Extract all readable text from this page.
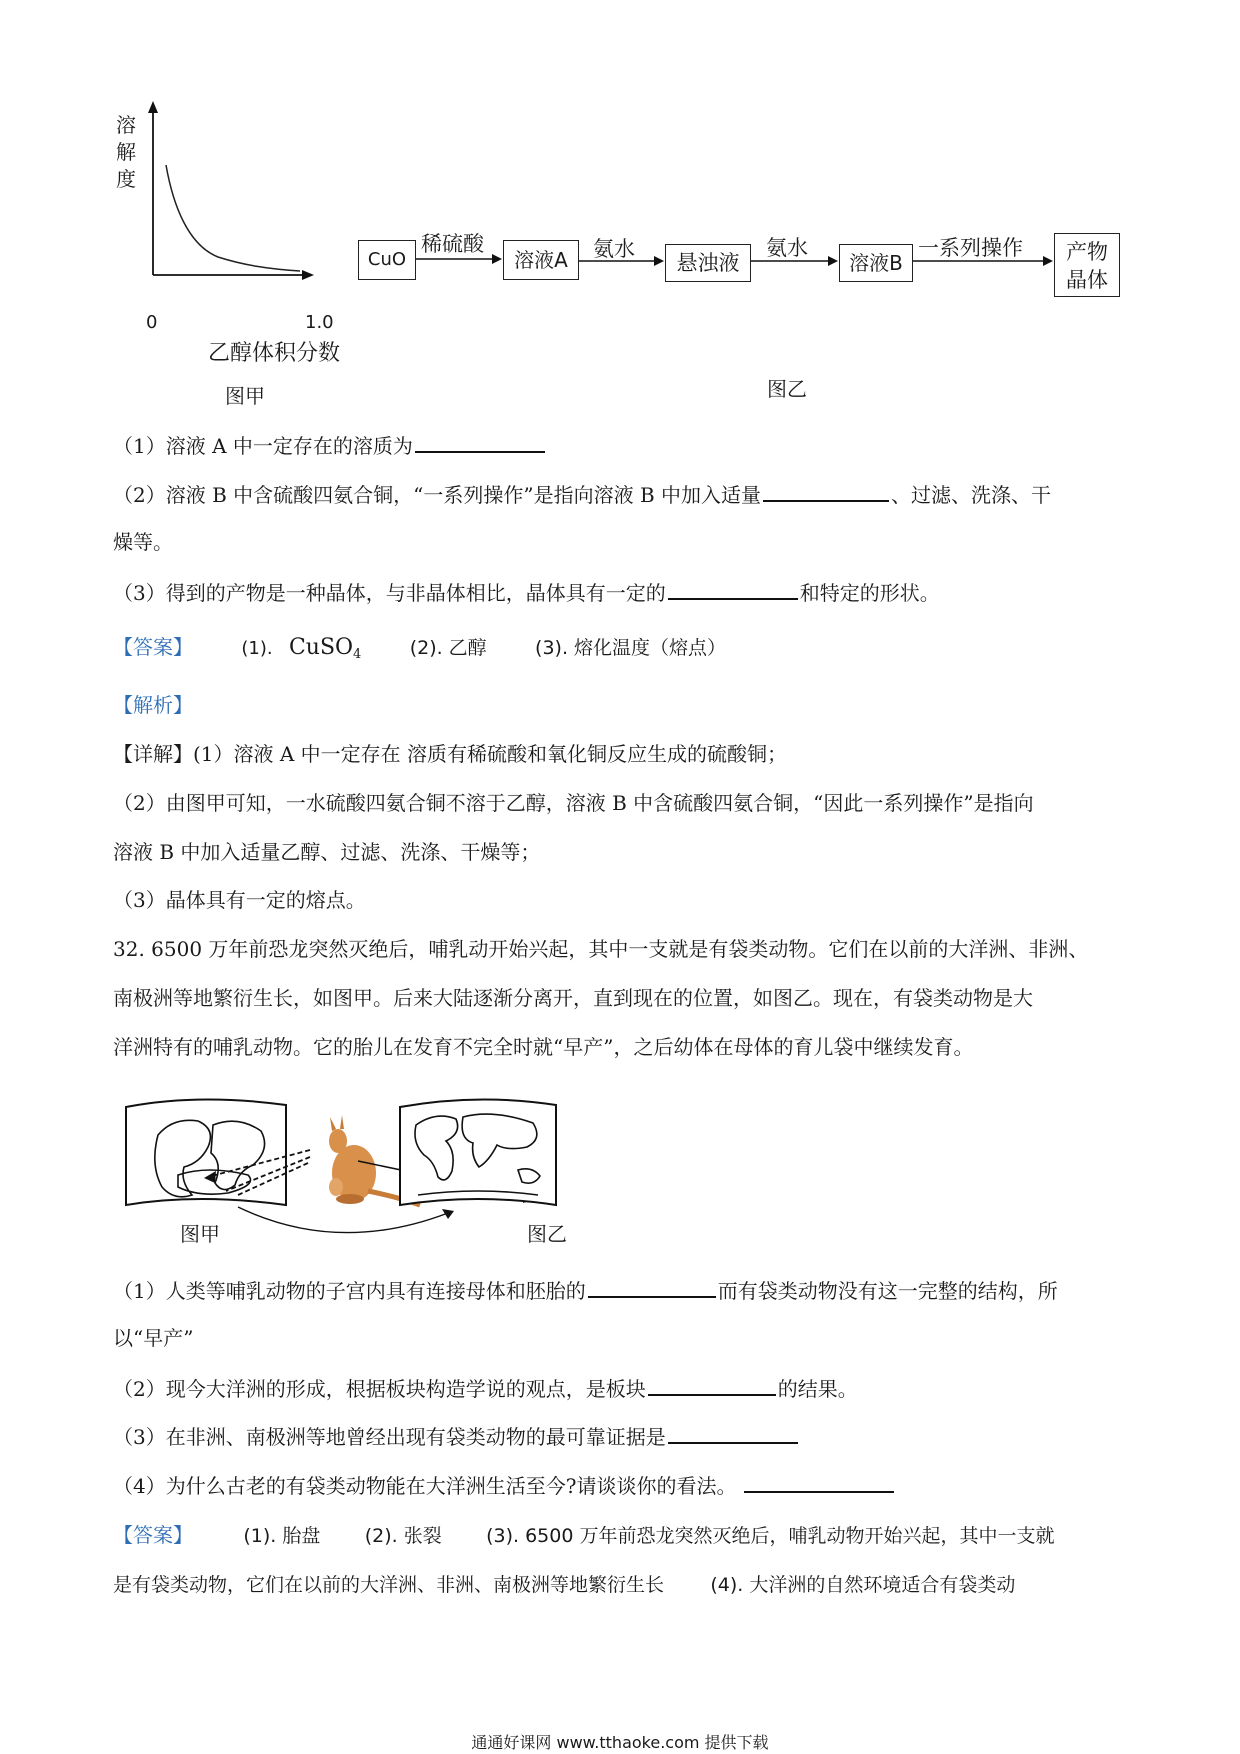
溶
解
度
0	1.0
乙醇体积分数
图甲
CuO	溶液A	悬浊液	溶液B	产物
晶体
稀硫酸	氨水	氨水	一系列操作
图乙
（1）溶液 A 中一定存在的溶质为
（2）溶液 B 中含硫酸四氨合铜，“一系列操作”是指向溶液 B 中加入适量	、过滤、洗涤、干
燥等。
（3）得到的产物是一种晶体，与非晶体相比，晶体具有一定的	和特定的形状。
【答案】	(1). CuSO$_4$	(2). 乙醇	(3). 熔化温度（熔点）
【解析】
【详解】(1）溶液 A 中一定存在 溶质有稀硫酸和氧化铜反应生成的硫酸铜；
（2）由图甲可知，一水硫酸四氨合铜不溶于乙醇，溶液 B 中含硫酸四氨合铜，“因此一系列操作”是指向
溶液 B 中加入适量乙醇、过滤、洗涤、干燥等；
（3）晶体具有一定的熔点。
32. 6500 万年前恐龙突然灭绝后，哺乳动开始兴起，其中一支就是有袋类动物。它们在以前的大洋洲、非洲、
南极洲等地繁衍生长，如图甲。后来大陆逐渐分离开，直到现在的位置，如图乙。现在，有袋类动物是大
洋洲特有的哺乳动物。它的胎儿在发育不完全时就“早产”，之后幼体在母体的育儿袋中继续发育。
图甲	图乙
（1）人类等哺乳动物的子宫内具有连接母体和胚胎的	而有袋类动物没有这一完整的结构，所
以“早产”
（2）现今大洋洲的形成，根据板块构造学说的观点，是板块	的结果。
（3）在非洲、南极洲等地曾经出现有袋类动物的最可靠证据是
（4）为什么古老的有袋类动物能在大洋洲生活至今?请谈谈你的看法。
【答案】	(1). 胎盘 (2). 张裂 (3). 6500 万年前恐龙突然灭绝后，哺乳动物开始兴起，其中一支就
是有袋类动物，它们在以前的大洋洲、非洲、南极洲等地繁衍生长 (4). 大洋洲的自然环境适合有袋类动
通通好课网 www.tthaoke.com 提供下载
